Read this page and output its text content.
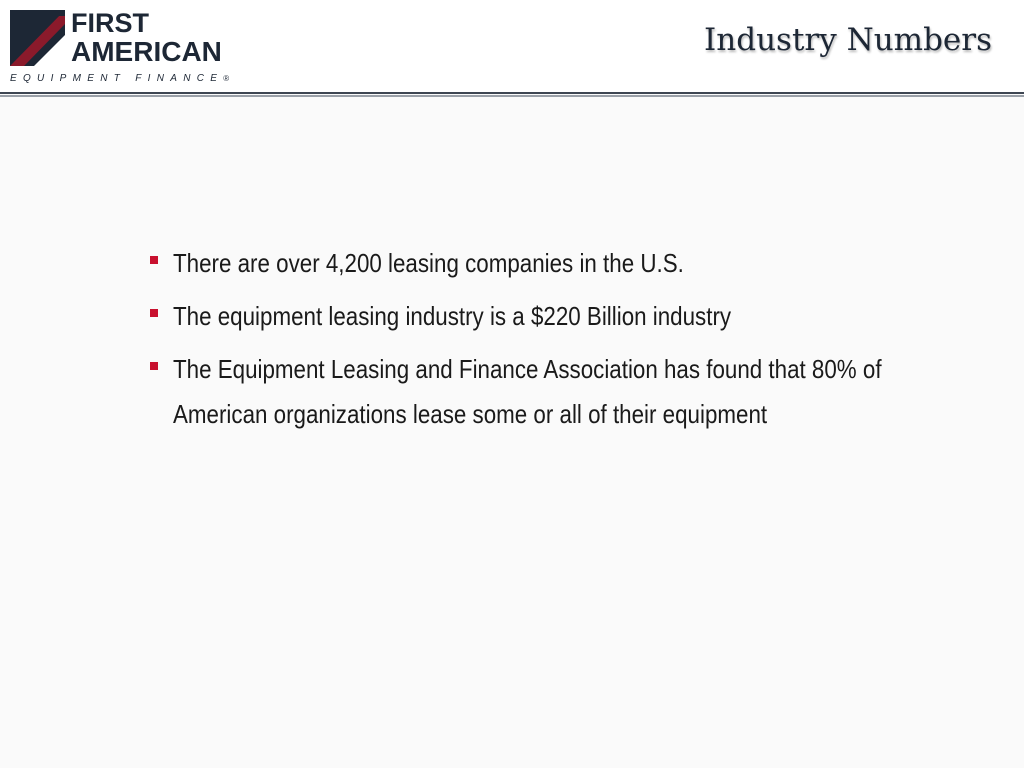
FIRST
AMERICAN
EQUIPMENT FINANCE®
Industry Numbers
There are over 4,200 leasing companies in the U.S.
The equipment leasing industry is a $220 Billion industry
The Equipment Leasing and Finance Association has found that 80% of American organizations lease some or all of their equipment
